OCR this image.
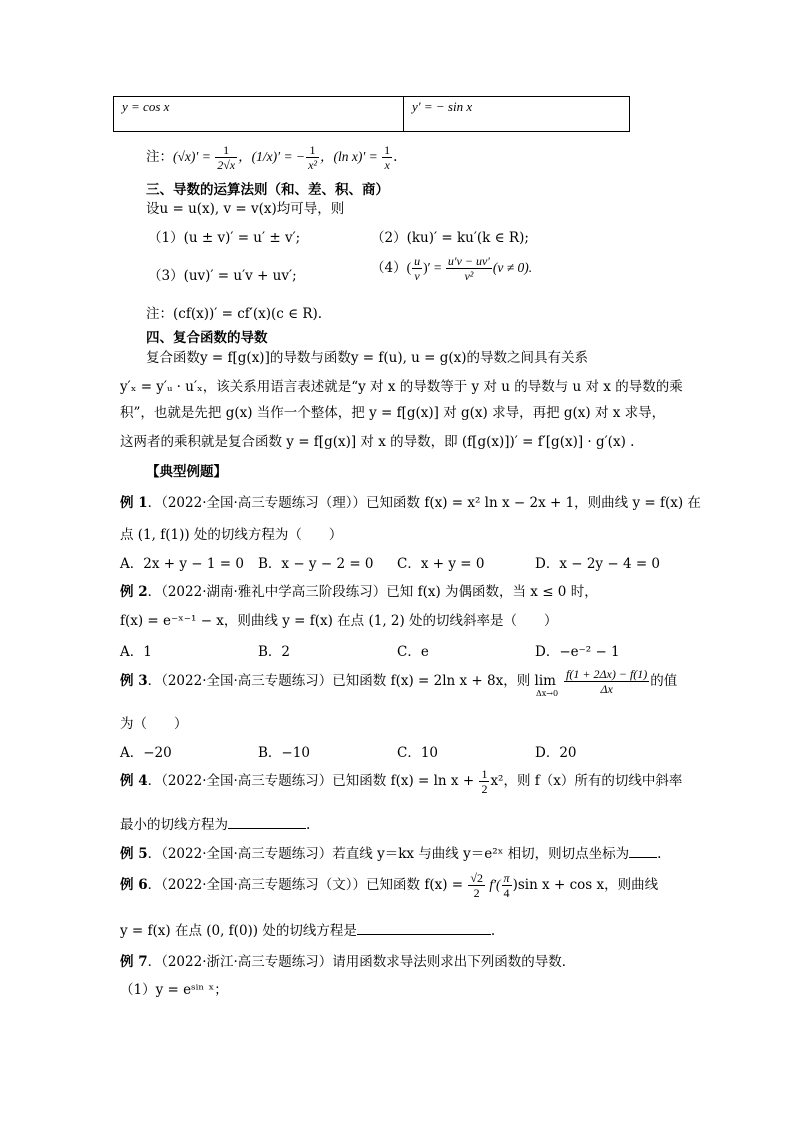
y = cos x	y′ = − sin x
注：$(√x)' = \frac{1}{2√x}$ ，(1/x)′ = − $\frac{1}{\text{x²}}$ ，(ln $x)' = \frac{1}{x}$ .
三、导数的运算法则（和、差、积、商）
设u = u(x), v = v(x)均可导，则
（1）(u ± v)′ = u′ ± v′;	（2）(ku)′ = ku′(k ∈ R);
（3）(uv)′ = u′v + uv′;	$(4)( \frac{u}{v}$ )′ = $\frac{u'v - uv'}{\text{v²}} (v \ne 0)$.
注：(cf(x))′ = cf′(x)(c ∈ R).
四、复合函数的导数
复合函数y = f[g(x)]的导数与函数y = f(u), u = g(x)的导数之间具有关系
y′ₓ = y′ᵤ · u′ₓ，该关系用语言表述就是“y 对 x 的导数等于 y 对 u 的导数与 u 对 x 的导数的乘
积”，也就是先把 g(x) 当作一个整体，把 y = f[g(x)] 对 g(x) 求导，再把 g(x) 对 x 求导，
这两者的乘积就是复合函数 y = f[g(x)] 对 x 的导数，即 (f[g(x)])′ = f′[g(x)] · g′(x) .
【典型例题】
例 1．（2022·全国·高三专题练习（理））已知函数 f(x) = x² ln x − 2x + 1，则曲线 y = f(x) 在
点 (1, f(1)) 处的切线方程为（　　）
A．2x + y − 1 = 0 B．x − y − 2 = 0 C．x + y = 0	D．x − 2y − 4 = 0
例 2．（2022·湖南·雅礼中学高三阶段练习）已知 f(x) 为偶函数，当 x ≤ 0 时，
f(x) = e⁻ˣ⁻¹ − x，则曲线 y = f(x) 在点 (1, 2) 处的切线斜率是（　　）
A．1	B．2	C．e	D．−e⁻² − 1
例 3．（2022·全国·高三专题练习）已知函数 f(x) = 2ln x + 8x，则 $\lim_{\Delta x\to 0} \frac{f(1 + 2\Delta x) - f(1)}{\Delta x}$ 的值
为（　　）
A．−20	B．−10	C．10	D．20
例 4．（2022·全国·高三专题练习）已知函数 $f(x) = \ln x + \frac{1}{2} x^2$，则 f（x）所有的切线中斜率
最小的切线方程为	.
例 5．（2022·全国·高三专题练习）若直线 y＝kx 与曲线 y＝e²ˣ 相切，则切点坐标为 .
例 6．（2022·全国·高三专题练习（文））已知函数 $f(x) = \frac{√2}{2} f'( \frac{\pi}{4} )\sin$ x + cos x，则曲线
y = f(x) 在点 (0, f(0)) 处的切线方程是	.
例 7．（2022·浙江·高三专题练习）请用函数求导法则求出下列函数的导数．
（1）y = eˢⁱⁿ ˣ；
